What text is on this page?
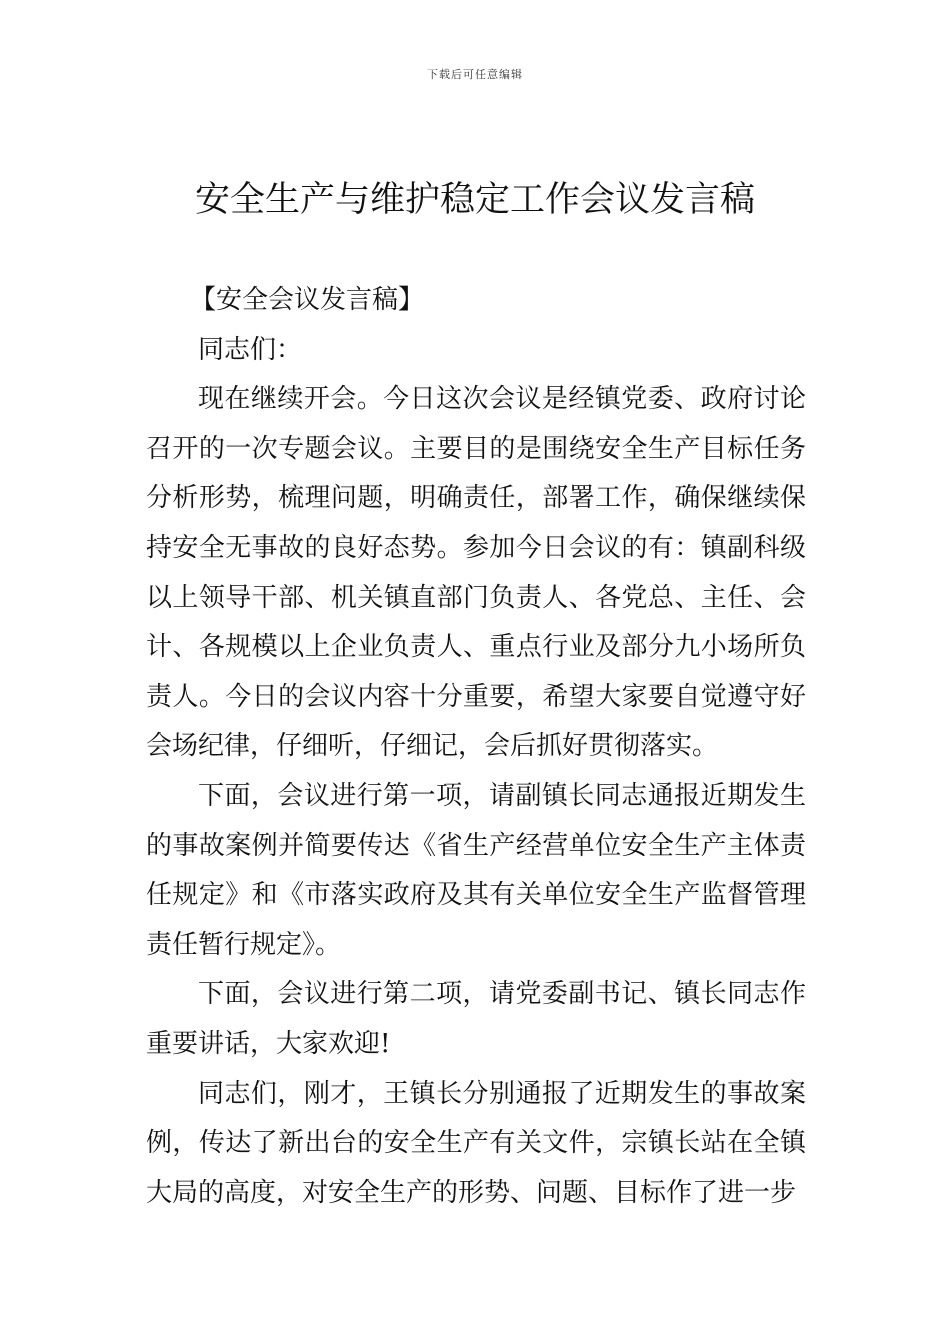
下载后可任意编辑
安全生产与维护稳定工作会议发言稿

【安全会议发言稿】

同志们：

现在继续开会。今日这次会议是经镇党委、政府讨论召开的一次专题会议。主要目的是围绕安全生产目标任务分析形势，梳理问题，明确责任，部署工作，确保继续保持安全无事故的良好态势。参加今日会议的有：镇副科级以上领导干部、机关镇直部门负责人、各党总、主任、会计、各规模以上企业负责人、重点行业及部分九小场所负责人。今日的会议内容十分重要，希望大家要自觉遵守好会场纪律，仔细听，仔细记，会后抓好贯彻落实。

下面，会议进行第一项，请副镇长同志通报近期发生的事故案例并简要传达《省生产经营单位安全生产主体责任规定》和《市落实政府及其有关单位安全生产监督管理责任暂行规定》。

下面，会议进行第二项，请党委副书记、镇长同志作重要讲话，大家欢迎!

同志们，刚才，王镇长分别通报了近期发生的事故案例，传达了新出台的安全生产有关文件，宗镇长站在全镇大局的高度，对安全生产的形势、问题、目标作了进一步
